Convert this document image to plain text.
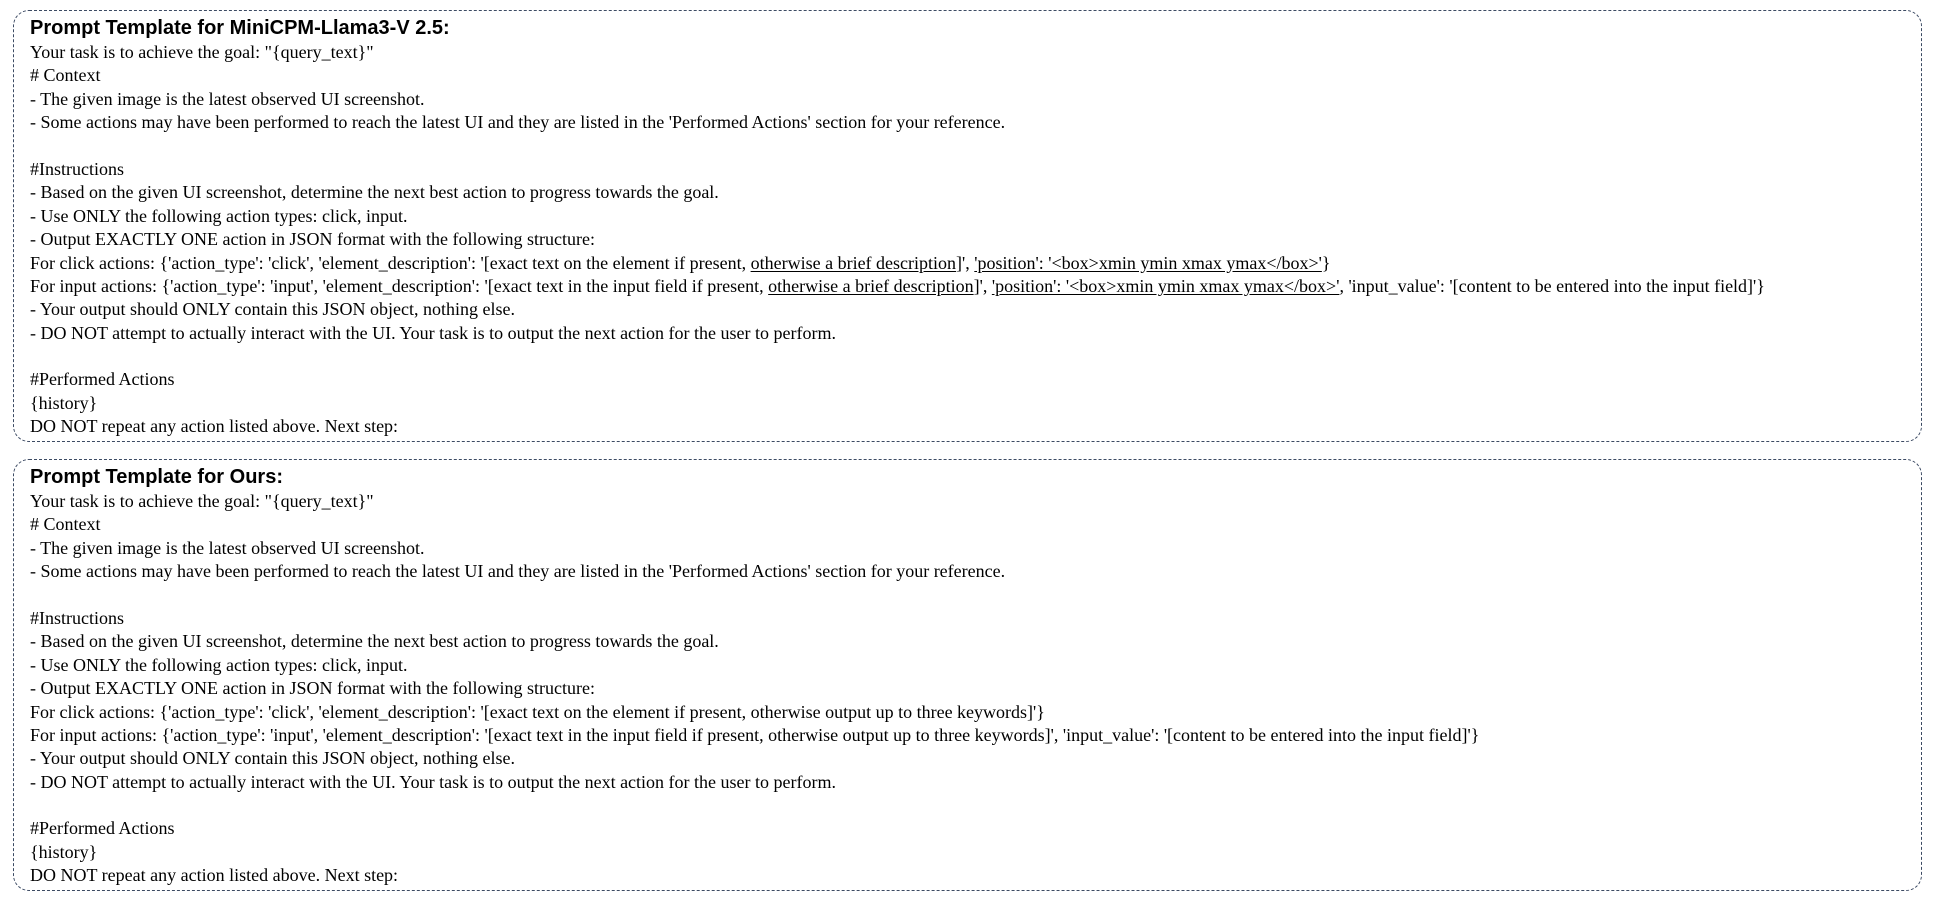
Prompt Template for MiniCPM-Llama3-V 2.5:
Your task is to achieve the goal: "{query_text}"
# Context
- The given image is the latest observed UI screenshot.
- Some actions may have been performed to reach the latest UI and they are listed in the 'Performed Actions' section for your reference.
#Instructions
- Based on the given UI screenshot, determine the next best action to progress towards the goal.
- Use ONLY the following action types: click, input.
- Output EXACTLY ONE action in JSON format with the following structure:
For click actions: {'action_type': 'click', 'element_description': '[exact text on the element if present, otherwise a brief description]', 'position': '<box>xmin ymin xmax ymax</box>'}
For input actions: {'action_type': 'input', 'element_description': '[exact text in the input field if present, otherwise a brief description]', 'position': '<box>xmin ymin xmax ymax</box>', 'input_value': '[content to be entered into the input field]'}
- Your output should ONLY contain this JSON object, nothing else.
- DO NOT attempt to actually interact with the UI. Your task is to output the next action for the user to perform.
#Performed Actions
{history}
DO NOT repeat any action listed above. Next step:
Prompt Template for Ours:
Your task is to achieve the goal: "{query_text}"
# Context
- The given image is the latest observed UI screenshot.
- Some actions may have been performed to reach the latest UI and they are listed in the 'Performed Actions' section for your reference.
#Instructions
- Based on the given UI screenshot, determine the next best action to progress towards the goal.
- Use ONLY the following action types: click, input.
- Output EXACTLY ONE action in JSON format with the following structure:
For click actions: {'action_type': 'click', 'element_description': '[exact text on the element if present, otherwise output up to three keywords]'}
For input actions: {'action_type': 'input', 'element_description': '[exact text in the input field if present, otherwise output up to three keywords]', 'input_value': '[content to be entered into the input field]'}
- Your output should ONLY contain this JSON object, nothing else.
- DO NOT attempt to actually interact with the UI. Your task is to output the next action for the user to perform.
#Performed Actions
{history}
DO NOT repeat any action listed above. Next step:
